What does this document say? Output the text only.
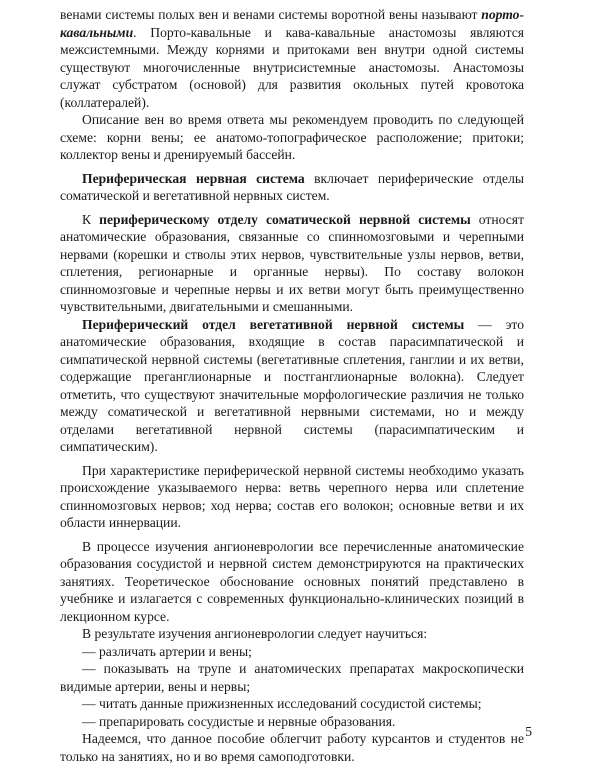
венами системы полых вен и венами системы воротной вены называют порто-кавальными. Порто-кавальные и кава-кавальные анастомозы являются межсистемными. Между корнями и притоками вен внутри одной системы существуют многочисленные внутрисистемные анастомозы. Анастомозы служат субстратом (основой) для развития окольных путей кровотока (коллатералей).

Описание вен во время ответа мы рекомендуем проводить по следующей схеме: корни вены; ее анатомо-топографическое расположение; притоки; коллектор вены и дренируемый бассейн.

Периферическая нервная система включает периферические отделы соматической и вегетативной нервных систем.

К периферическому отделу соматической нервной системы относят анатомические образования, связанные со спинномозговыми и черепными нервами (корешки и стволы этих нервов, чувствительные узлы нервов, ветви, сплетения, регионарные и органные нервы). По составу волокон спинномозговые и черепные нервы и их ветви могут быть преимущественно чувствительными, двигательными и смешанными.

Периферический отдел вегетативной нервной системы — это анатомические образования, входящие в состав парасимпатической и симпатической нервной системы (вегетативные сплетения, ганглии и их ветви, содержащие преганглионарные и постганглионарные волокна). Следует отметить, что существуют значительные морфологические различия не только между соматической и вегетативной нервными системами, но и между отделами вегетативной нервной системы (парасимпатическим и симпатическим).

При характеристике периферической нервной системы необходимо указать происхождение указываемого нерва: ветвь черепного нерва или сплетение спинномозговых нервов; ход нерва; состав его волокон; основные ветви и их области иннервации.

В процессе изучения ангионеврологии все перечисленные анатомические образования сосудистой и нервной систем демонстрируются на практических занятиях. Теоретическое обоснование основных понятий представлено в учебнике и излагается с современных функционально-клинических позиций в лекционном курсе.

В результате изучения ангионеврологии следует научиться:

— различать артерии и вены;

— показывать на трупе и анатомических препаратах макроскопически видимые артерии, вены и нервы;

— читать данные прижизненных исследований сосудистой системы;

— препарировать сосудистые и нервные образования.

Надеемся, что данное пособие облегчит работу курсантов и студентов не только на занятиях, но и во время самоподготовки.

5
